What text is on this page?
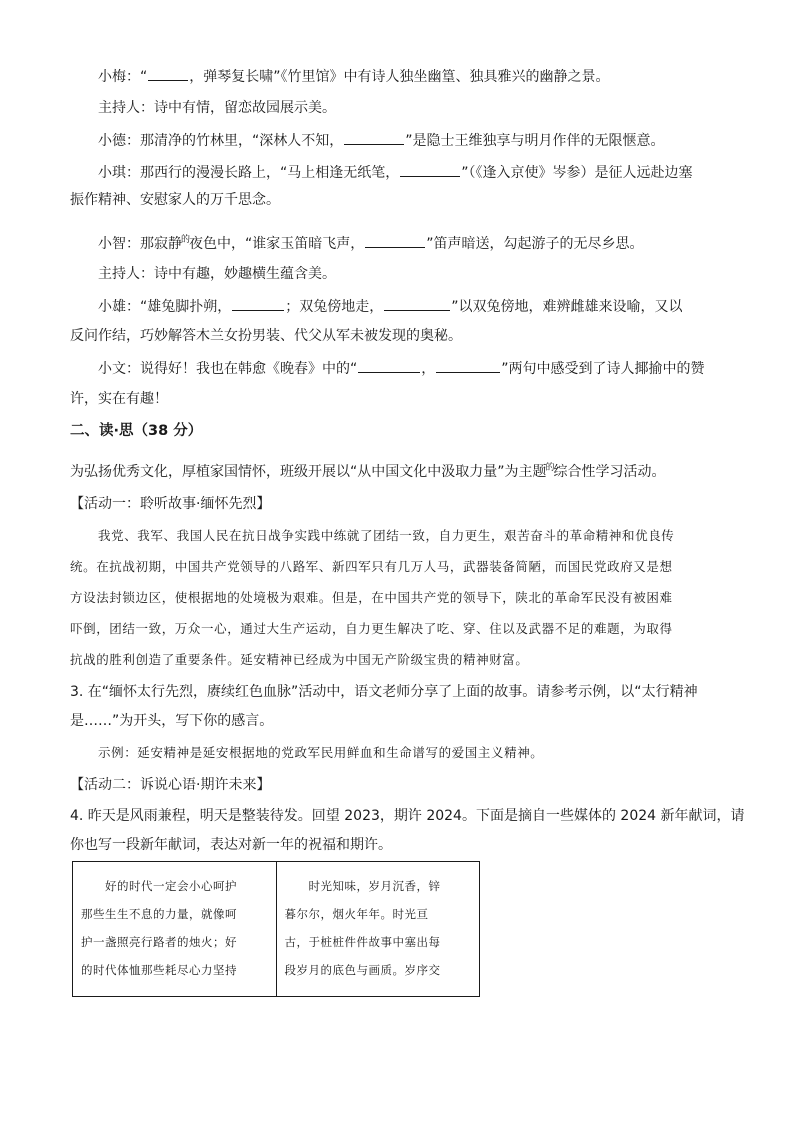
小梅：“	，弹琴复长啸”《竹里馆》中有诗人独坐幽篁、独具雅兴的幽静之景。
主持人：诗中有情，留恋故园展示美。
小德：那清净的竹林里，“深林人不知，	”是隐士王维独享与明月作伴的无限惬意。
小琪：那西行的漫漫长路上，“马上相逢无纸笔，	”（《逢入京使》岑参）是征人远赴边塞
振作精神、安慰家人的万千思念。
小智：那寂静$^的$夜色中，“谁家玉笛暗飞声，	”笛声暗送，勾起游子的无尽乡思。
主持人：诗中有趣，妙趣横生蕴含美。
小雄：“雄兔脚扑朔，	；双兔傍地走，	”以双兔傍地，难辨雌雄来设喻，又以
反问作结，巧妙解答木兰女扮男装、代父从军未被发现的奥秘。
小文：说得好！我也在韩愈《晚春》中的“	，	”两句中感受到了诗人揶揄中的赞
许，实在有趣！
二、读·思（38 分）
为弘扬优秀文化，厚植家国情怀，班级开展以“从中国文化中汲取力量”为主题$^的$综合性学习活动。
【活动一：聆听故事·缅怀先烈】
我党、我军、我国人民在抗日战争实践中练就了团结一致，自力更生，艰苦奋斗的革命精神和优良传
统。在抗战初期，中国共产党领导的八路军、新四军只有几万人马，武器装备简陋，而国民党政府又是想
方设法封锁边区，使根据地的处境极为艰难。但是，在中国共产党的领导下，陕北的革命军民没有被困难
吓倒，团结一致，万众一心，通过大生产运动，自力更生解决了吃、穿、住以及武器不足的难题，为取得
抗战的胜利创造了重要条件。延安精神已经成为中国无产阶级宝贵的精神财富。
3. 在“缅怀太行先烈，赓续红色血脉”活动中，语文老师分享了上面的故事。请参考示例，以“太行精神
是……”为开头，写下你的感言。
示例：延安精神是延安根据地的党政军民用鲜血和生命谱写的爱国主义精神。
【活动二：诉说心语·期许未来】
4. 昨天是风雨兼程，明天是整装待发。回望 2023，期许 2024。下面是摘自一些媒体的 2024 新年献词，请
你也写一段新年献词，表达对新一年的祝福和期许。
好的时代一定会小心呵护
那些生生不息的力量，就像呵
护一盏照亮行路者的烛火；好
的时代体恤那些耗尽心力坚持

时光知味，岁月沉香，锌
暮尔尔，烟火年年。时光亘
古，于桩桩件件故事中塞出每
段岁月的底色与画质。岁序交
